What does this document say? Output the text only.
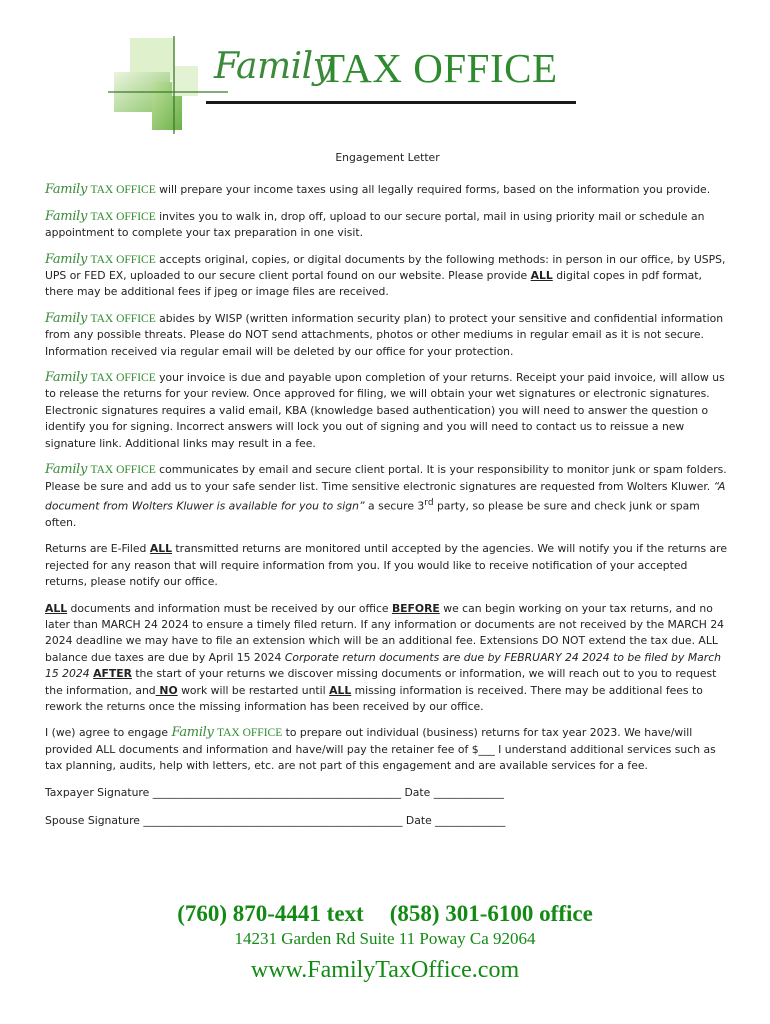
Family
TAX OFFICE
Engagement Letter

Family TAX OFFICE will prepare your income taxes using all legally required forms, based on the information you provide.

Family TAX OFFICE invites you to walk in, drop off, upload to our secure portal, mail in using priority mail or schedule an appointment to complete your tax preparation in one visit.

Family TAX OFFICE accepts original, copies, or digital documents by the following methods: in person in our office, by USPS, UPS or FED EX, uploaded to our secure client portal found on our website. Please provide ALL digital copes in pdf format, there may be additional fees if jpeg or image files are received.

Family TAX OFFICE abides by WISP (written information security plan) to protect your sensitive and confidential information from any possible threats. Please do NOT send attachments, photos or other mediums in regular email as it is not secure. Information received via regular email will be deleted by our office for your protection.

Family TAX OFFICE your invoice is due and payable upon completion of your returns. Receipt your paid invoice, will allow us to release the returns for your review. Once approved for filing, we will obtain your wet signatures or electronic signatures. Electronic signatures requires a valid email, KBA (knowledge based authentication) you will need to answer the question o identify you for signing. Incorrect answers will lock you out of signing and you will need to contact us to reissue a new signature link. Additional links may result in a fee.

Family TAX OFFICE communicates by email and secure client portal. It is your responsibility to monitor junk or spam folders. Please be sure and add us to your safe sender list. Time sensitive electronic signatures are requested from Wolters Kluwer. “A document from Wolters Kluwer is available for you to sign” a secure 3rd party, so please be sure and check junk or spam often.

Returns are E-Filed ALL transmitted returns are monitored until accepted by the agencies. We will notify you if the returns are rejected for any reason that will require information from you. If you would like to receive notification of your accepted returns, please notify our office.

ALL documents and information must be received by our office BEFORE we can begin working on your tax returns, and no later than MARCH 24 2024 to ensure a timely filed return. If any information or documents are not received by the MARCH 24 2024 deadline we may have to file an extension which will be an additional fee. Extensions DO NOT extend the tax due. ALL balance due taxes are due by April 15 2024 Corporate return documents are due by FEBRUARY 24 2024 to be filed by March 15 2024 AFTER the start of your returns we discover missing documents or information, we will reach out to you to request the information, and NO work will be restarted until ALL missing information is received. There may be additional fees to rework the returns once the missing information has been received by our office.

I (we) agree to engage Family TAX OFFICE to prepare out individual (business) returns for tax year 2023. We have/will provided ALL documents and information and have/will pay the retainer fee of $___ I understand additional services such as tax planning, audits, help with letters, etc. are not part of this engagement and are available services for a fee.

Taxpayer Signature ______________________________________________ Date _____________
Spouse Signature ________________________________________________ Date _____________
(760) 870-4441 text (858) 301-6100 office
14231 Garden Rd Suite 11 Poway Ca 92064
www.FamilyTaxOffice.com
